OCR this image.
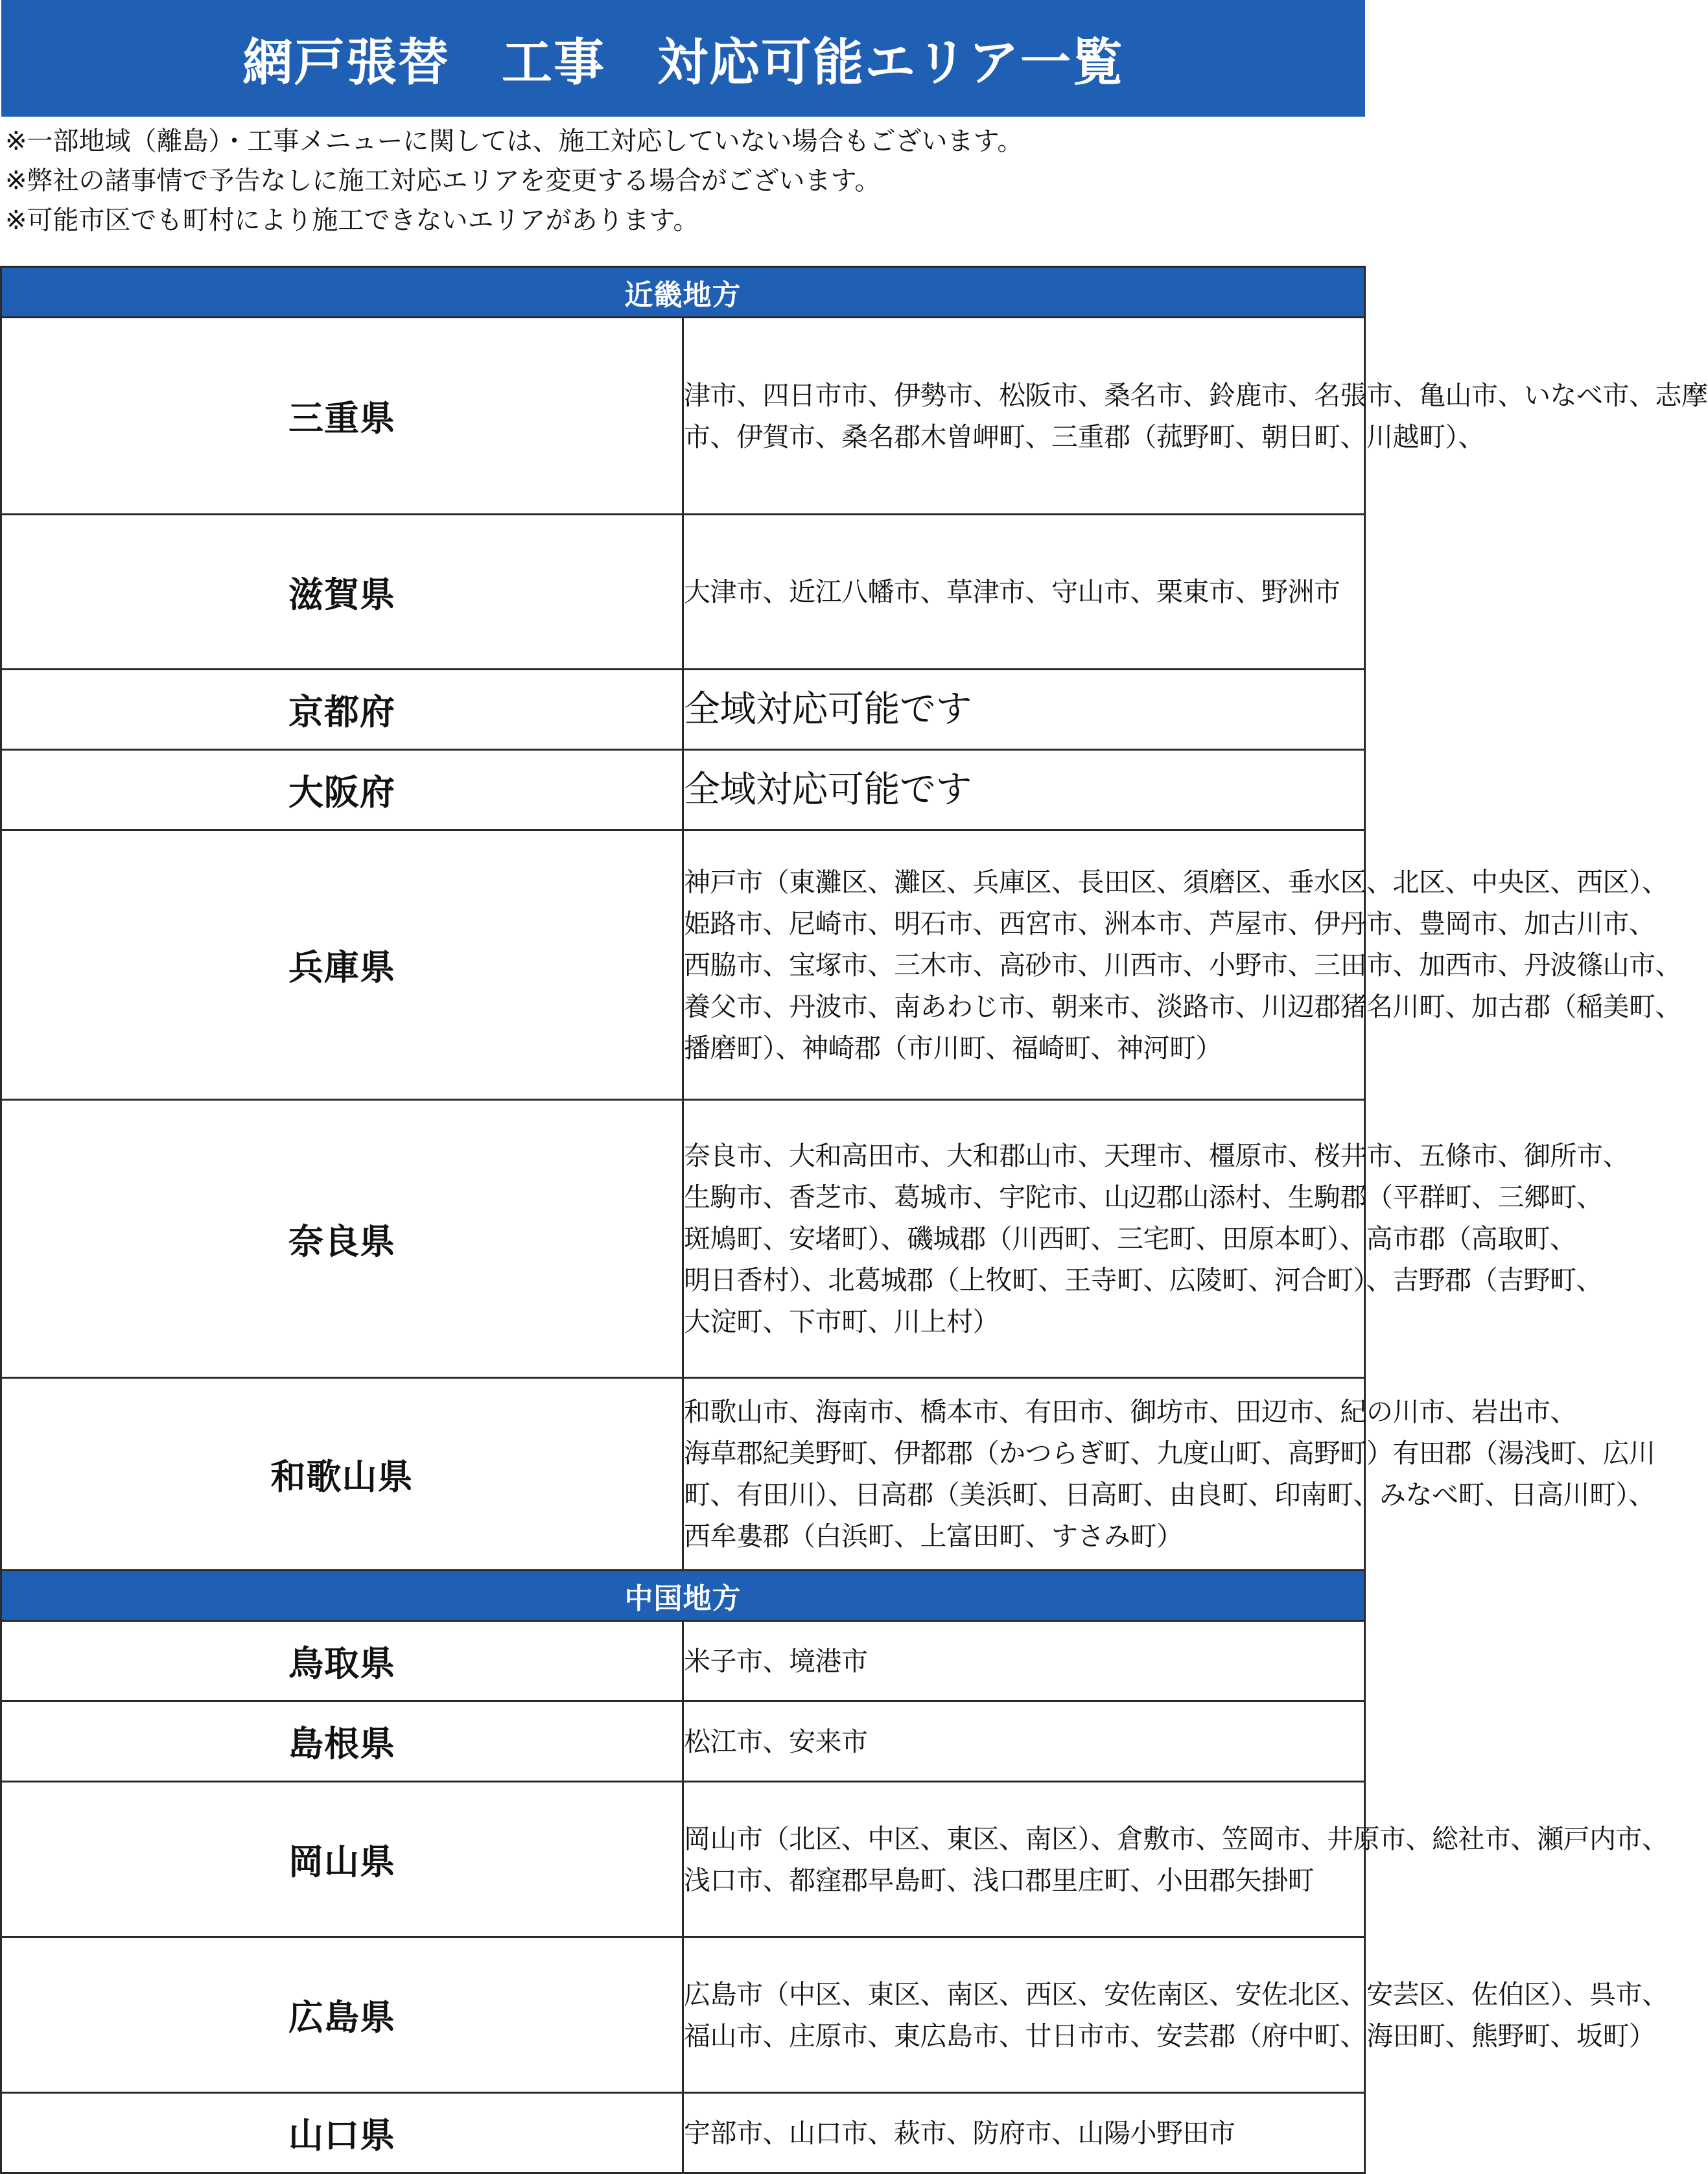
網戸張替　工事　対応可能エリア一覧
※一部地域（離島）・工事メニューに関しては、施工対応していない場合もございます。
※弊社の諸事情で予告なしに施工対応エリアを変更する場合がございます。
※可能市区でも町村により施工できないエリアがあります。
近畿地方	
三重県	津市、四日市市、伊勢市、松阪市、桑名市、鈴鹿市、名張市、亀山市、いなべ市、志摩
市、伊賀市、桑名郡木曽岬町、三重郡（菰野町、朝日町、川越町）、

滋賀県	大津市、近江八幡市、草津市、守山市、栗東市、野洲市

京都府	全域対応可能です

大阪府	全域対応可能です

兵庫県	神戸市（東灘区、灘区、兵庫区、長田区、須磨区、垂水区、北区、中央区、西区）、
姫路市、尼崎市、明石市、西宮市、洲本市、芦屋市、伊丹市、豊岡市、加古川市、
西脇市、宝塚市、三木市、高砂市、川西市、小野市、三田市、加西市、丹波篠山市、
養父市、丹波市、南あわじ市、朝来市、淡路市、川辺郡猪名川町、加古郡（稲美町、
播磨町）、神崎郡（市川町、福崎町、神河町）

奈良県	奈良市、大和高田市、大和郡山市、天理市、橿原市、桜井市、五條市、御所市、
生駒市、香芝市、葛城市、宇陀市、山辺郡山添村、生駒郡（平群町、三郷町、
斑鳩町、安堵町）、磯城郡（川西町、三宅町、田原本町）、高市郡（高取町、
明日香村）、北葛城郡（上牧町、王寺町、広陵町、河合町）、吉野郡（吉野町、
大淀町、下市町、川上村）

和歌山県	和歌山市、海南市、橋本市、有田市、御坊市、田辺市、紀の川市、岩出市、
海草郡紀美野町、伊都郡（かつらぎ町、九度山町、高野町）有田郡（湯浅町、広川
町、有田川）、日高郡（美浜町、日高町、由良町、印南町、みなべ町、日高川町）、
西牟婁郡（白浜町、上富田町、すさみ町）

中国地方	
鳥取県	米子市、境港市

島根県	松江市、安来市

岡山県	岡山市（北区、中区、東区、南区）、倉敷市、笠岡市、井原市、総社市、瀬戸内市、
浅口市、都窪郡早島町、浅口郡里庄町、小田郡矢掛町

広島県	広島市（中区、東区、南区、西区、安佐南区、安佐北区、安芸区、佐伯区）、呉市、
福山市、庄原市、東広島市、廿日市市、安芸郡（府中町、海田町、熊野町、坂町）

山口県	宇部市、山口市、萩市、防府市、山陽小野田市
